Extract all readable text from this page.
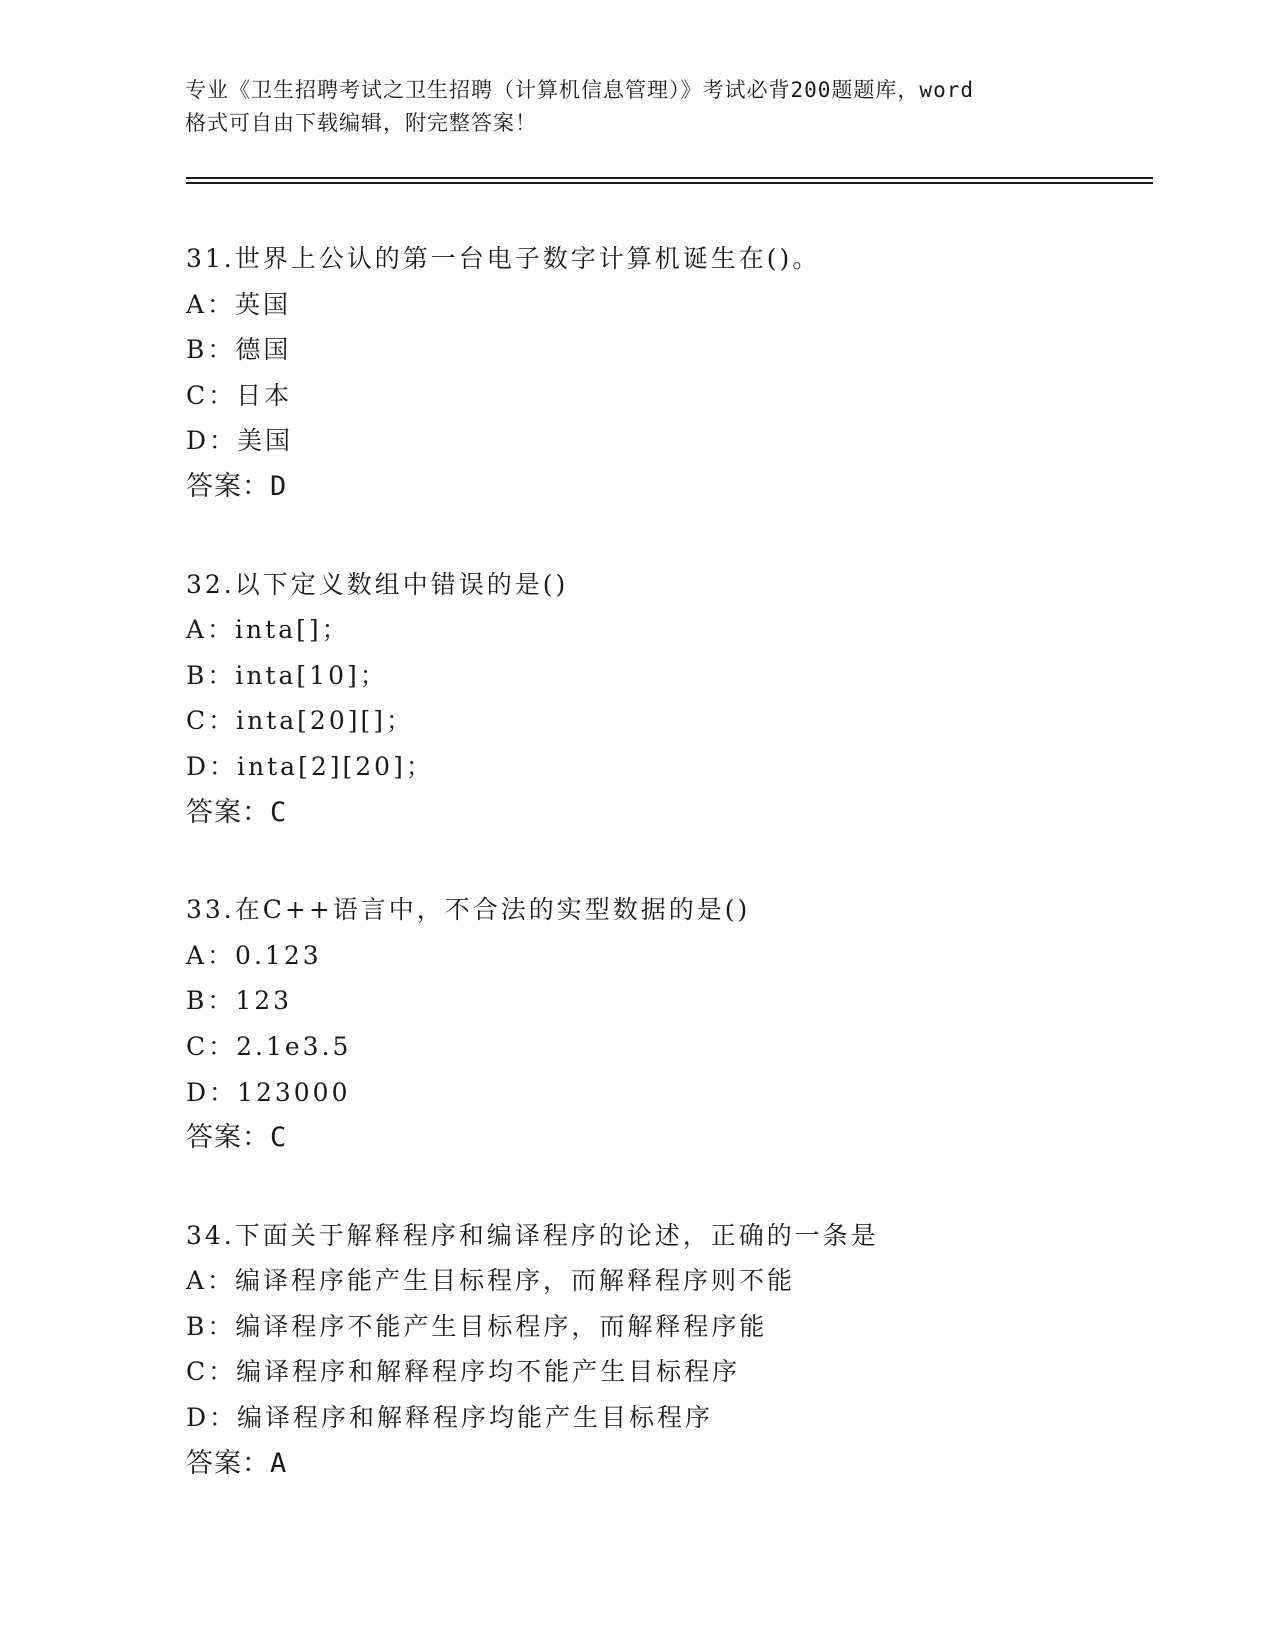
专业《卫生招聘考试之卫生招聘（计算机信息管理）》考试必背200题题库，word
格式可自由下载编辑，附完整答案！
31.世界上公认的第一台电子数字计算机诞生在()。
A：英国
B：德国
C：日本
D：美国
答案：D
32.以下定义数组中错误的是()
A：inta[]；
B：inta[10]；
C：inta[20][]；
D：inta[2][20]；
答案：C
33.在C++语言中，不合法的实型数据的是()
A：0.123
B：123
C：2.1e3.5
D：123000
答案：C
34.下面关于解释程序和编译程序的论述，正确的一条是
A：编译程序能产生目标程序，而解释程序则不能
B：编译程序不能产生目标程序，而解释程序能
C：编译程序和解释程序均不能产生目标程序
D：编译程序和解释程序均能产生目标程序
答案：A
